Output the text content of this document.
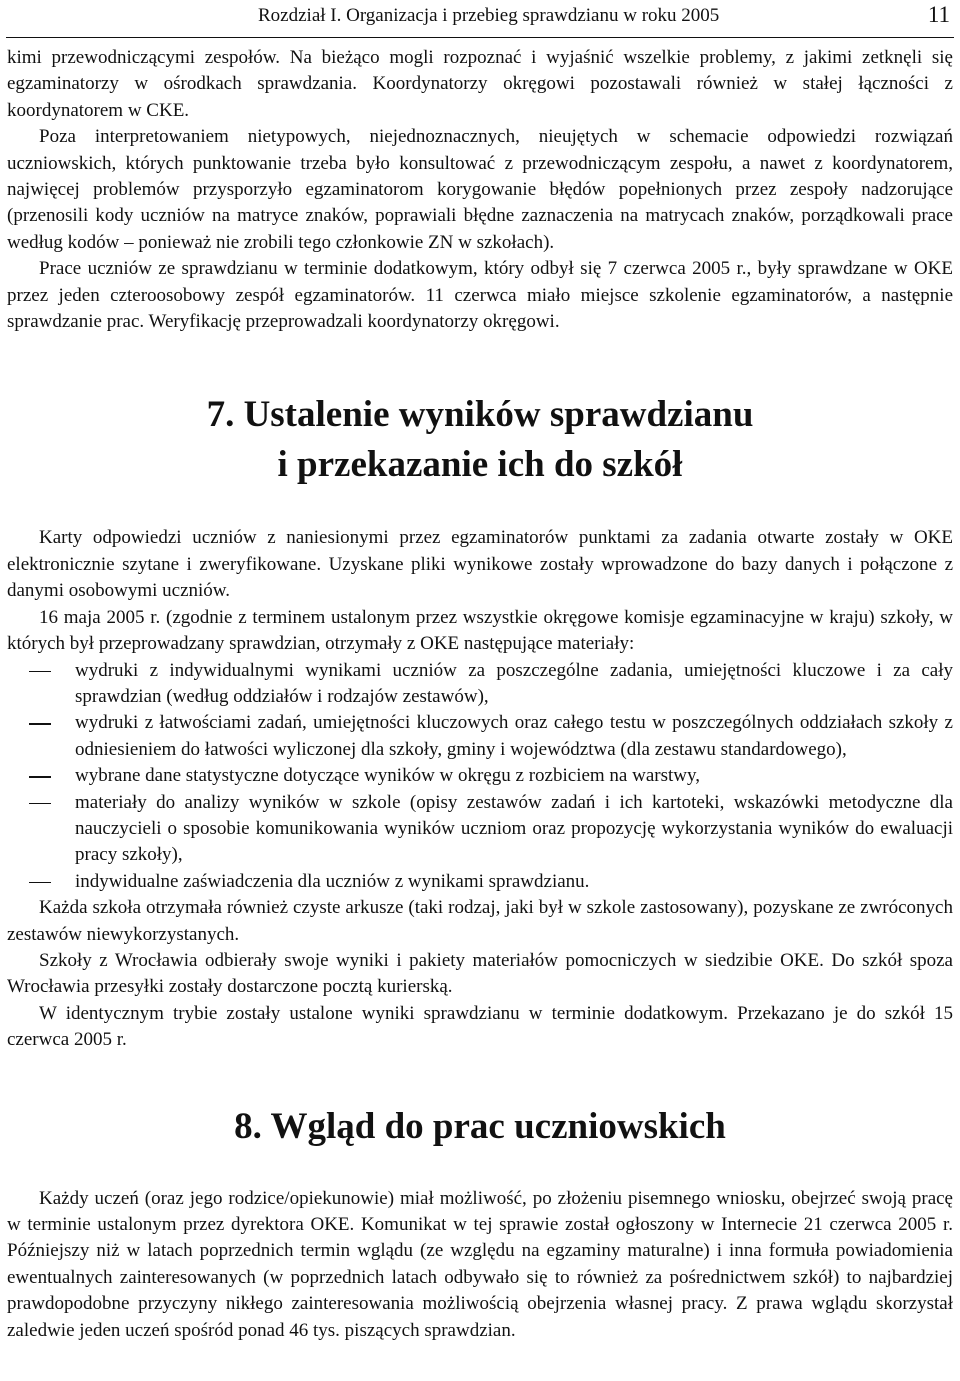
Rozdział I. Organizacja i przebieg sprawdzianu w roku 2005	11

kimi przewodniczącymi zespołów. Na bieżąco mogli rozpoznać i wyjaśnić wszelkie problemy, z jakimi zetknęli się egzaminatorzy w ośrodkach sprawdzania. Koordynatorzy okręgowi pozostawali również w stałej łączności z koordynatorem w CKE.

Poza interpretowaniem nietypowych, niejednoznacznych, nieujętych w schemacie odpowiedzi rozwiązań uczniowskich, których punktowanie trzeba było konsultować z przewodniczącym zespołu, a nawet z koordynatorem, najwięcej problemów przysporzyło egzaminatorom korygowanie błędów popełnionych przez zespoły nadzorujące (przenosili kody uczniów na matryce znaków, poprawiali błędne zaznaczenia na matrycach znaków, porządkowali prace według kodów – ponieważ nie zrobili tego członkowie ZN w szkołach).

Prace uczniów ze sprawdzianu w terminie dodatkowym, który odbył się 7 czerwca 2005 r., były sprawdzane w OKE przez jeden czteroosobowy zespół egzaminatorów. 11 czerwca miało miejsce szkolenie egzaminatorów, a następnie sprawdzanie prac. Weryfikację przeprowadzali koordynatorzy okręgowi.

7. Ustalenie wyników sprawdzianu
i przekazanie ich do szkół

Karty odpowiedzi uczniów z naniesionymi przez egzaminatorów punktami za zadania otwarte zostały w OKE elektronicznie szytane i zweryfikowane. Uzyskane pliki wynikowe zostały wprowadzone do bazy danych i połączone z danymi osobowymi uczniów.

16 maja 2005 r. (zgodnie z terminem ustalonym przez wszystkie okręgowe komisje egzaminacyjne w kraju) szkoły, w których był przeprowadzany sprawdzian, otrzymały z OKE następujące materiały:

wydruki z indywidualnymi wynikami uczniów za poszczególne zadania, umiejętności kluczowe i za cały sprawdzian (według oddziałów i rodzajów zestawów),
wydruki z łatwościami zadań, umiejętności kluczowych oraz całego testu w poszczególnych oddziałach szkoły z odniesieniem do łatwości wyliczonej dla szkoły, gminy i województwa (dla zestawu standardowego),
wybrane dane statystyczne dotyczące wyników w okręgu z rozbiciem na warstwy,
materiały do analizy wyników w szkole (opisy zestawów zadań i ich kartoteki, wskazówki metodyczne dla nauczycieli o sposobie komunikowania wyników uczniom oraz propozycję wykorzystania wyników do ewaluacji pracy szkoły),
indywidualne zaświadczenia dla uczniów z wynikami sprawdzianu.

Każda szkoła otrzymała również czyste arkusze (taki rodzaj, jaki był w szkole zastosowany), pozyskane ze zwróconych zestawów niewykorzystanych.

Szkoły z Wrocławia odbierały swoje wyniki i pakiety materiałów pomocniczych w siedzibie OKE. Do szkół spoza Wrocławia przesyłki zostały dostarczone pocztą kurierską.

W identycznym trybie zostały ustalone wyniki sprawdzianu w terminie dodatkowym. Przekazano je do szkół 15 czerwca 2005 r.

8. Wgląd do prac uczniowskich

Każdy uczeń (oraz jego rodzice/opiekunowie) miał możliwość, po złożeniu pisemnego wniosku, obejrzeć swoją pracę w terminie ustalonym przez dyrektora OKE. Komunikat w tej sprawie został ogłoszony w Internecie 21 czerwca 2005 r. Późniejszy niż w latach poprzednich termin wglądu (ze względu na egzaminy maturalne) i inna formuła powiadomienia ewentualnych zainteresowanych (w poprzednich latach odbywało się to również za pośrednictwem szkół) to najbardziej prawdopodobne przyczyny nikłego zainteresowania możliwością obejrzenia własnej pracy. Z prawa wglądu skorzystał zaledwie jeden uczeń spośród ponad 46 tys. piszących sprawdzian.
